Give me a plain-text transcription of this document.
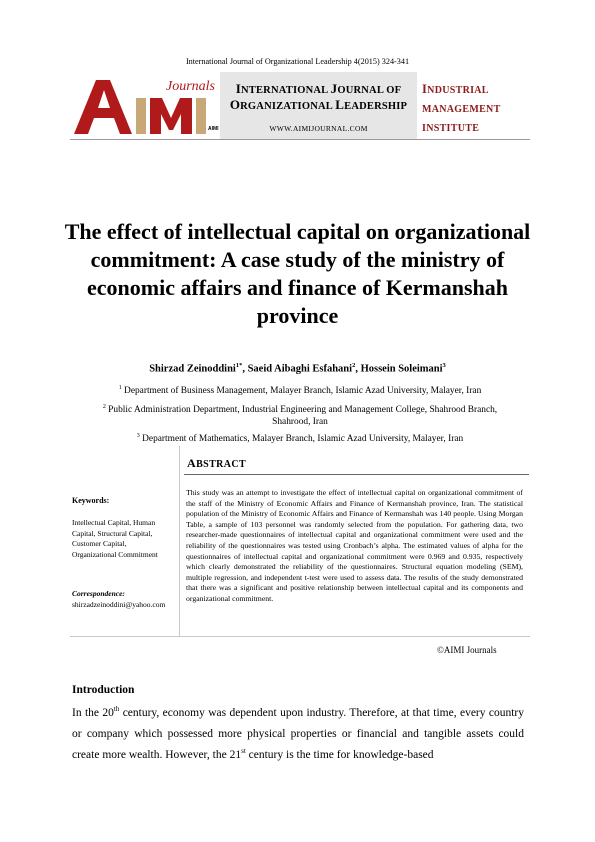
International Journal of Organizational Leadership 4(2015) 324-341
Journals
AIMI
INTERNATIONAL JOURNAL OF
ORGANIZATIONAL LEADERSHIP
WWW.AIMIJOURNAL.COM
INDUSTRIAL
MANAGEMENT
INSTITUTE
The effect of intellectual capital on organizational commitment: A case study of the ministry of economic affairs and finance of Kermanshah province
Shirzad Zeinoddini$^{1*}$, Saeid Aibaghi Esfahani$^2$, Hossein Soleimani$^3$
$^1$ Department of Business Management, Malayer Branch, Islamic Azad University, Malayer, Iran
$^2$ Public Administration Department, Industrial Engineering and Management College, Shahrood Branch, Shahrood, Iran
$^3$ Department of Mathematics, Malayer Branch, Islamic Azad University, Malayer, Iran
ABSTRACT
This study was an attempt to investigate the effect of intellectual capital on organizational commitment of the staff of the Ministry of Economic Affairs and Finance of Kermanshah province, Iran. The statistical population of the Ministry of Economic Affairs and Finance of Kermanshah was 140 people. Using Morgan Table, a sample of 103 personnel was randomly selected from the population. For gathering data, two researcher-made questionnaires of intellectual capital and organizational commitment were used and the reliability of the questionnaires was tested using Cronbach’s alpha. The estimated values of alpha for the questionnaires of intellectual capital and organizational commitment were 0.969 and 0.935, respectively which clearly demonstrated the reliability of the questionnaires. Structural equation modeling (SEM), multiple regression, and independent t-test were used to assess data. The results of the study demonstrated that there was a significant and positive relationship between intellectual capital and its components and organizational commitment.
Keywords:
Intellectual Capital, Human Capital, Structural Capital, Customer Capital, Organizational Commitment
Correspondence:
shirzadzeinoddini@yahoo.com
©AIMI Journals
Introduction
In the 20th century, economy was dependent upon industry. Therefore, at that time, every country or company which possessed more physical properties or financial and tangible assets could create more wealth. However, the 21st century is the time for knowledge-based
